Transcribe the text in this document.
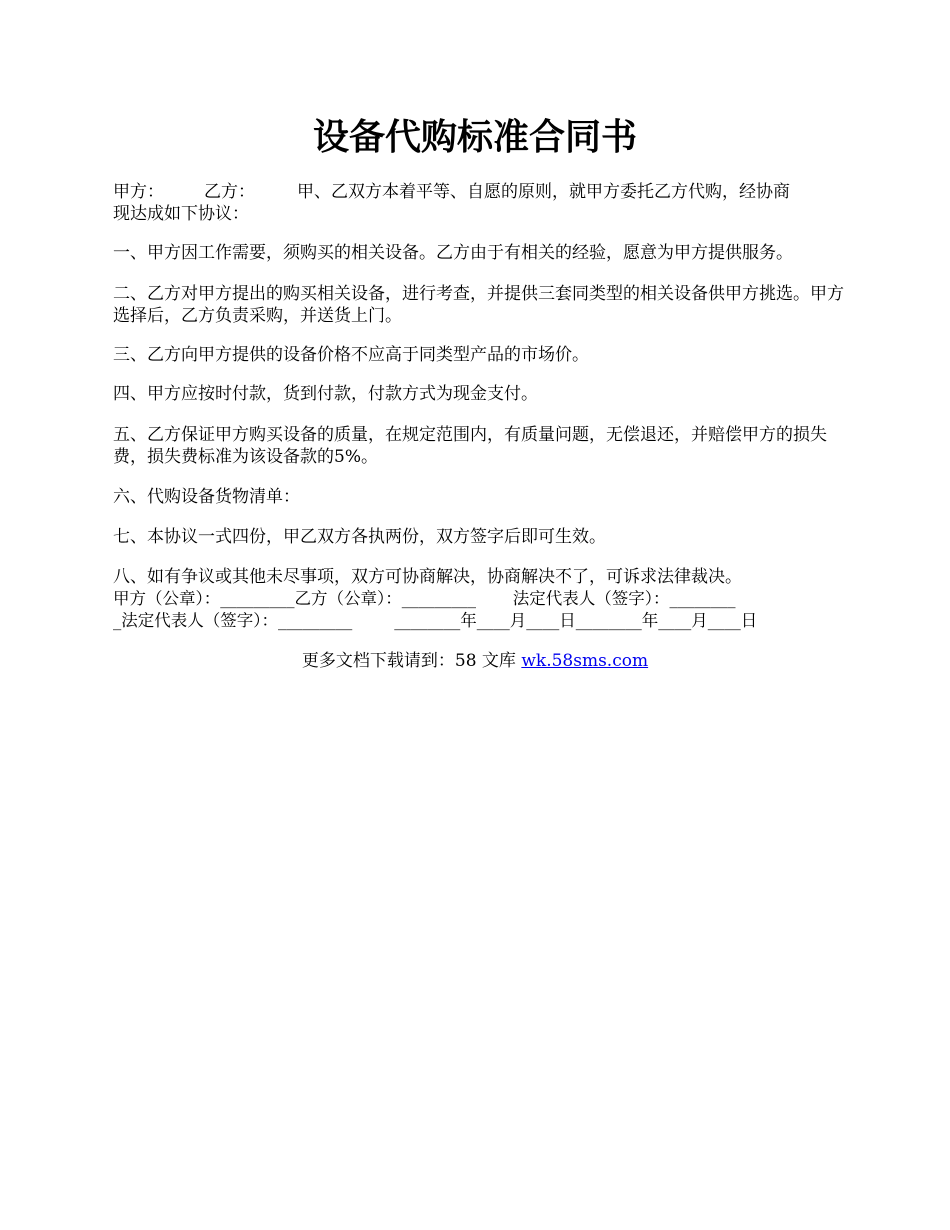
设备代购标准合同书

甲方： 乙方： 甲、乙双方本着平等、自愿的原则，就甲方委托乙方代购，经协商
现达成如下协议：

一、甲方因工作需要，须购买的相关设备。乙方由于有相关的经验，愿意为甲方提供服务。

二、乙方对甲方提出的购买相关设备，进行考查，并提供三套同类型的相关设备供甲方挑选。甲方选择后，乙方负责采购，并送货上门。

三、乙方向甲方提供的设备价格不应高于同类型产品的市场价。

四、甲方应按时付款，货到付款，付款方式为现金支付。

五、乙方保证甲方购买设备的质量，在规定范围内，有质量问题，无偿退还，并赔偿甲方的损失费，损失费标准为该设备款的5%。

六、代购设备货物清单：

七、本协议一式四份，甲乙双方各执两份，双方签字后即可生效。

八、如有争议或其他未尽事项，双方可协商解决，协商解决不了，可诉求法律裁决。

甲方（公章）：_________乙方（公章）：_________       法定代表人（签字）：________

_法定代表人（签字）：_________        ________年____月____日________年____月____日

更多文档下载请到：58 文库 wk.58sms.com
